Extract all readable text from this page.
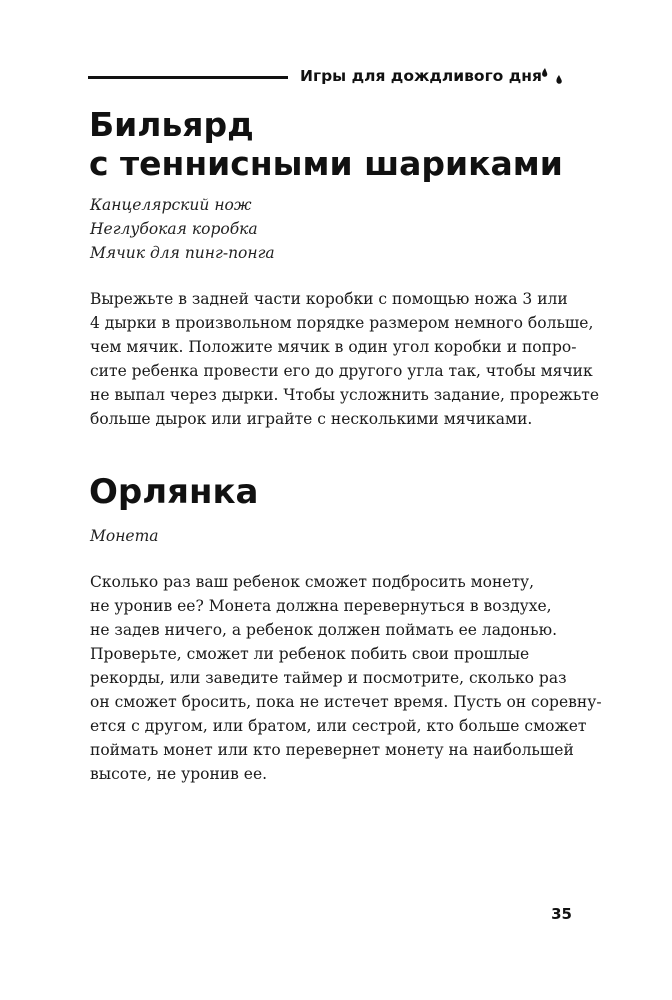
Игры для дождливого дня
Бильярд
с теннисными шариками
Канцелярский нож
Неглубокая коробка
Мячик для пинг-понга
Вырежьте в задней части коробки с помощью ножа 3 или
4 дырки в произвольном порядке размером немного больше,
чем мячик. Положите мячик в один угол коробки и попро-
сите ребенка провести его до другого угла так, чтобы мячик
не выпал через дырки. Чтобы усложнить задание, прорежьте
больше дырок или играйте с несколькими мячиками.
Орлянка
Монета
Сколько раз ваш ребенок сможет подбросить монету,
не уронив ее? Монета должна перевернуться в воздухе,
не задев ничего, а ребенок должен поймать ее ладонью.
Проверьте, сможет ли ребенок побить свои прошлые
рекорды, или заведите таймер и посмотрите, сколько раз
он сможет бросить, пока не истечет время. Пусть он соревну-
ется с другом, или братом, или сестрой, кто больше сможет
поймать монет или кто перевернет монету на наибольшей
высоте, не уронив ее.
35
